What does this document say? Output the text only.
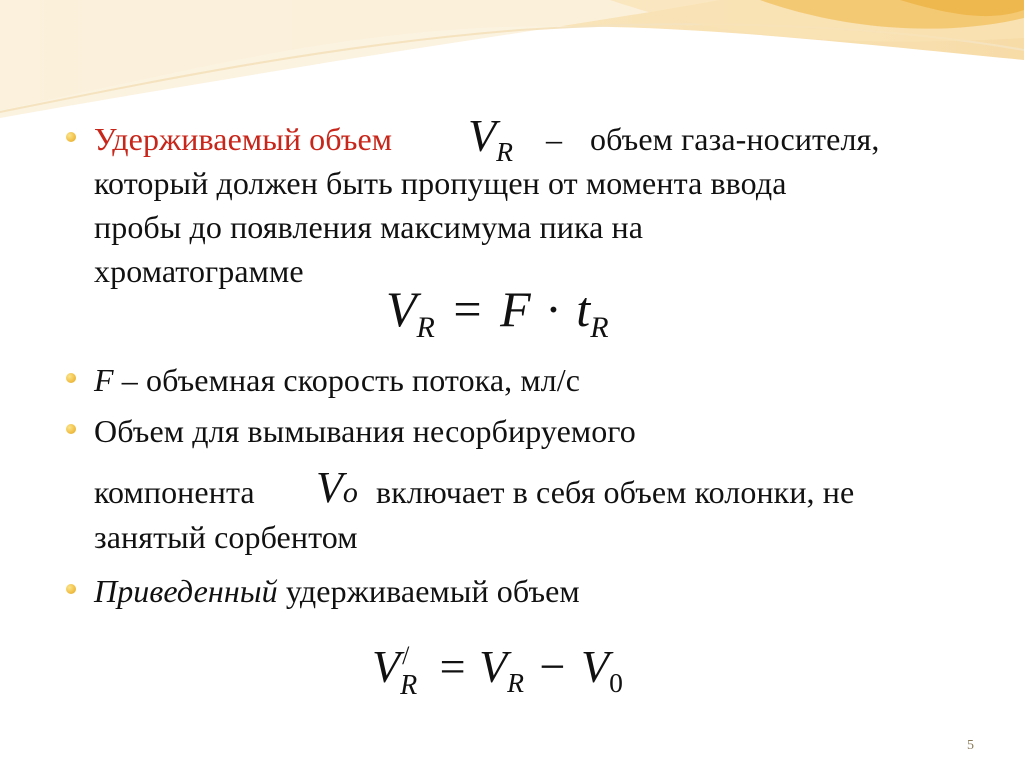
Удерживаемый объем $V_R$ – объем газа-носителя,
который должен быть пропущен от момента ввода
пробы до появления максимума пика на
хроматограмме
$V_R = F \cdot t_R$
F – объемная скорость потока, мл/с
Объем для вымывания несорбируемого
компонента Vo включает в себя объем колонки, не
занятый сорбентом
Приведенный удерживаемый объем
V /
$R = V_R - V_0$
5
